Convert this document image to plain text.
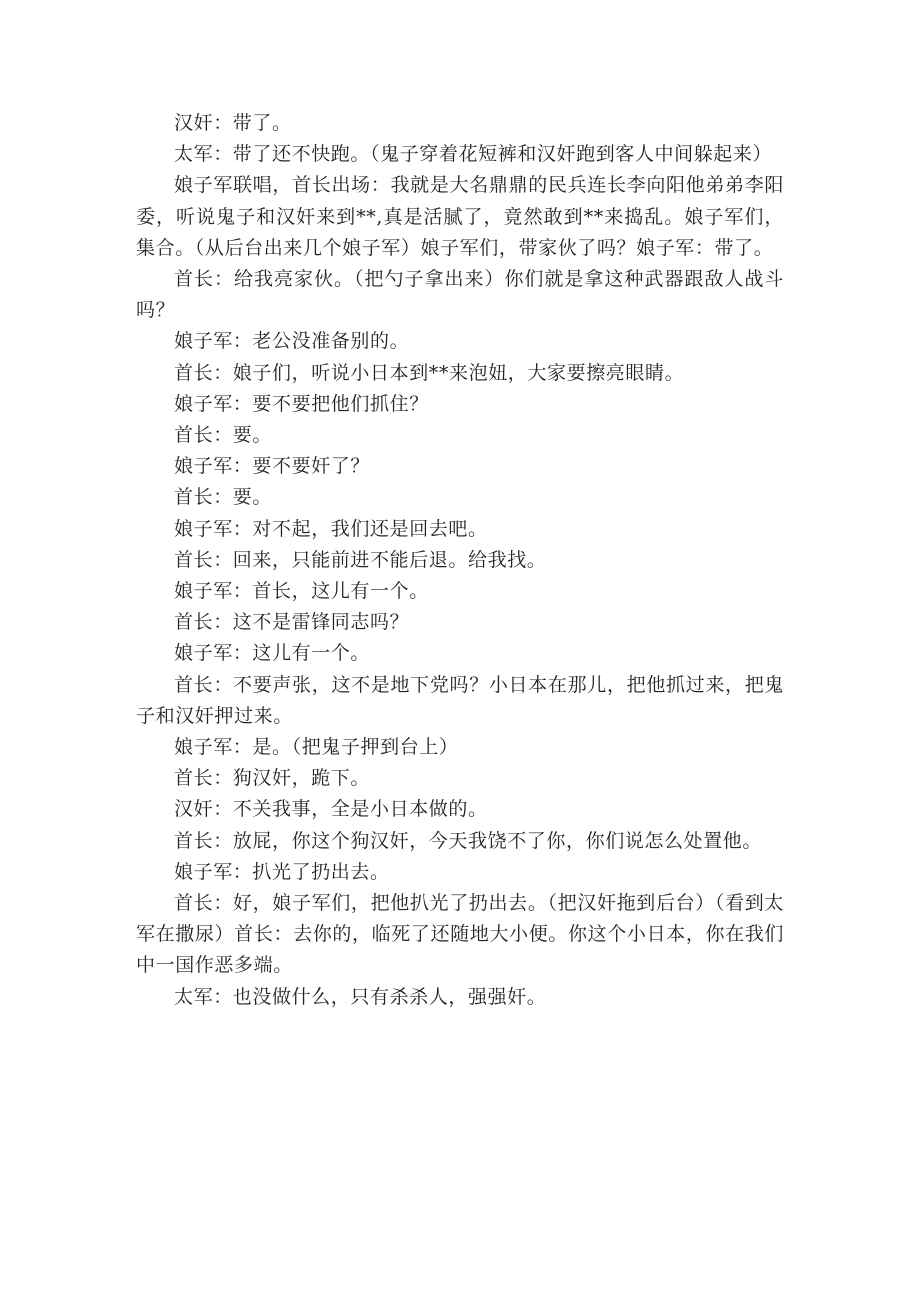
汉奸：带了。

太军：带了还不快跑。（鬼子穿着花短裤和汉奸跑到客人中间躲起来）

娘子军联唱，首长出场：我就是大名鼎鼎的民兵连长李向阳他弟弟李阳委，听说鬼子和汉奸来到**,真是活腻了，竟然敢到**来捣乱。娘子军们，集合。（从后台出来几个娘子军）娘子军们，带家伙了吗？娘子军：带了。

首长：给我亮家伙。（把勺子拿出来）你们就是拿这种武器跟敌人战斗吗？

娘子军：老公没准备别的。

首长：娘子们，听说小日本到**来泡妞，大家要擦亮眼睛。

娘子军：要不要把他们抓住？

首长：要。

娘子军：要不要奸了？

首长：要。

娘子军：对不起，我们还是回去吧。

首长：回来，只能前进不能后退。给我找。

娘子军：首长，这儿有一个。

首长：这不是雷锋同志吗？

娘子军：这儿有一个。

首长：不要声张，这不是地下党吗？小日本在那儿，把他抓过来，把鬼子和汉奸押过来。

娘子军：是。（把鬼子押到台上）

首长：狗汉奸，跪下。

汉奸：不关我事，全是小日本做的。

首长：放屁，你这个狗汉奸，今天我饶不了你，你们说怎么处置他。

娘子军：扒光了扔出去。

首长：好，娘子军们，把他扒光了扔出去。（把汉奸拖到后台）（看到太军在撒尿）首长：去你的，临死了还随地大小便。你这个小日本，你在我们中一国作恶多端。

太军：也没做什么，只有杀杀人，强强奸。
